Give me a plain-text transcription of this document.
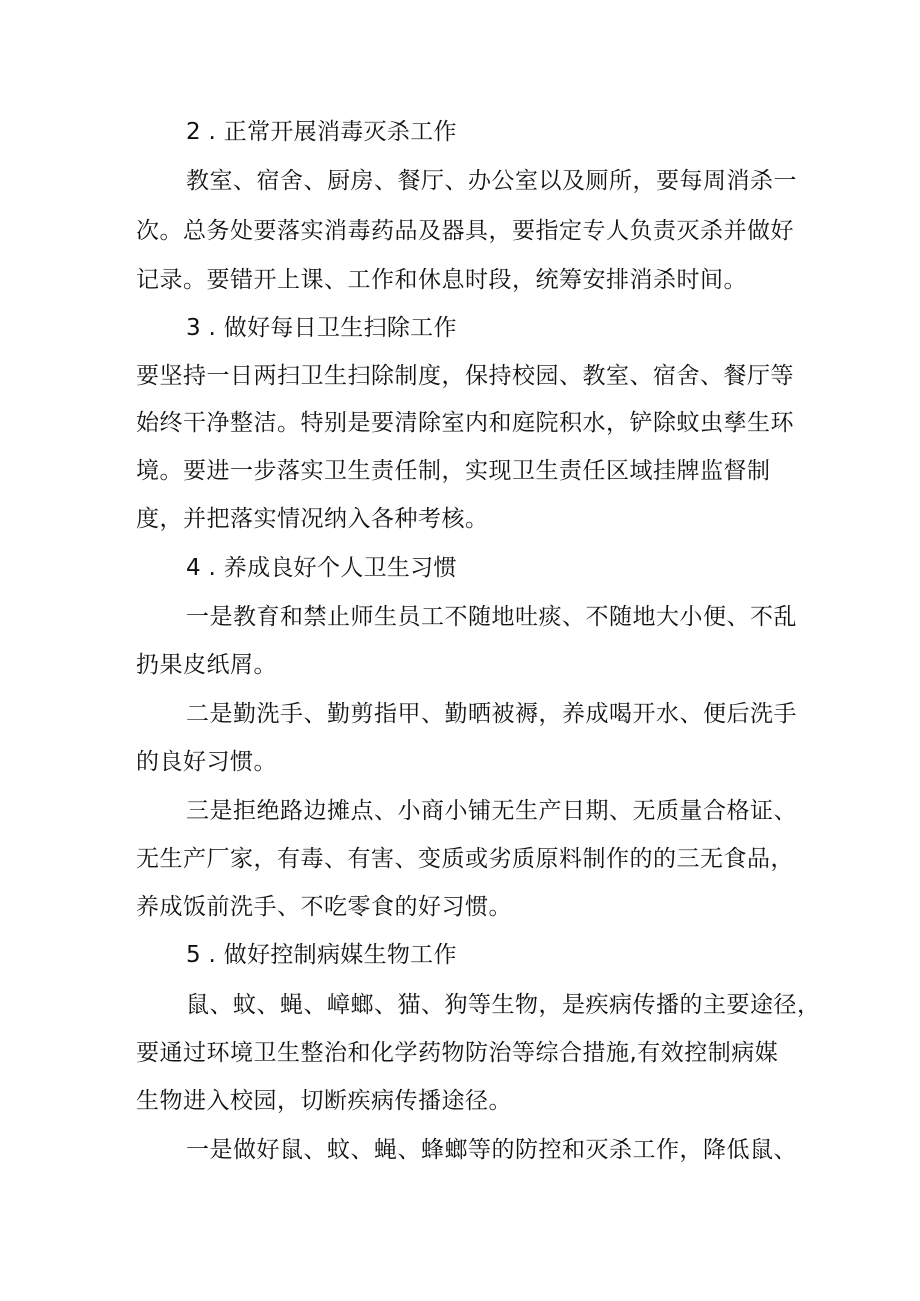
2 . 正常开展消毒灭杀工作
教室、宿舍、厨房、餐厅、办公室以及厕所，要每周消杀一
次。总务处要落实消毒药品及器具，要指定专人负责灭杀并做好
记录。要错开上课、工作和休息时段，统筹安排消杀时间。
3 . 做好每日卫生扫除工作
要坚持一日两扫卫生扫除制度，保持校园、教室、宿舍、餐厅等
始终干净整洁。特别是要清除室内和庭院积水，铲除蚊虫孳生环
境。要进一步落实卫生责任制，实现卫生责任区域挂牌监督制
度，并把落实情况纳入各种考核。
4 . 养成良好个人卫生习惯
一是教育和禁止师生员工不随地吐痰、不随地大小便、不乱
扔果皮纸屑。
二是勤洗手、勤剪指甲、勤晒被褥，养成喝开水、便后洗手
的良好习惯。
三是拒绝路边摊点、小商小铺无生产日期、无质量合格证、
无生产厂家，有毒、有害、变质或劣质原料制作的的三无食品，
养成饭前洗手、不吃零食的好习惯。
5 . 做好控制病媒生物工作
鼠、蚊、蝇、嶂螂、猫、狗等生物，是疾病传播的主要途径，
要通过环境卫生整治和化学药物防治等综合措施,有效控制病媒
生物进入校园，切断疾病传播途径。
一是做好鼠、蚊、蝇、蜂螂等的防控和灭杀工作，降低鼠、
